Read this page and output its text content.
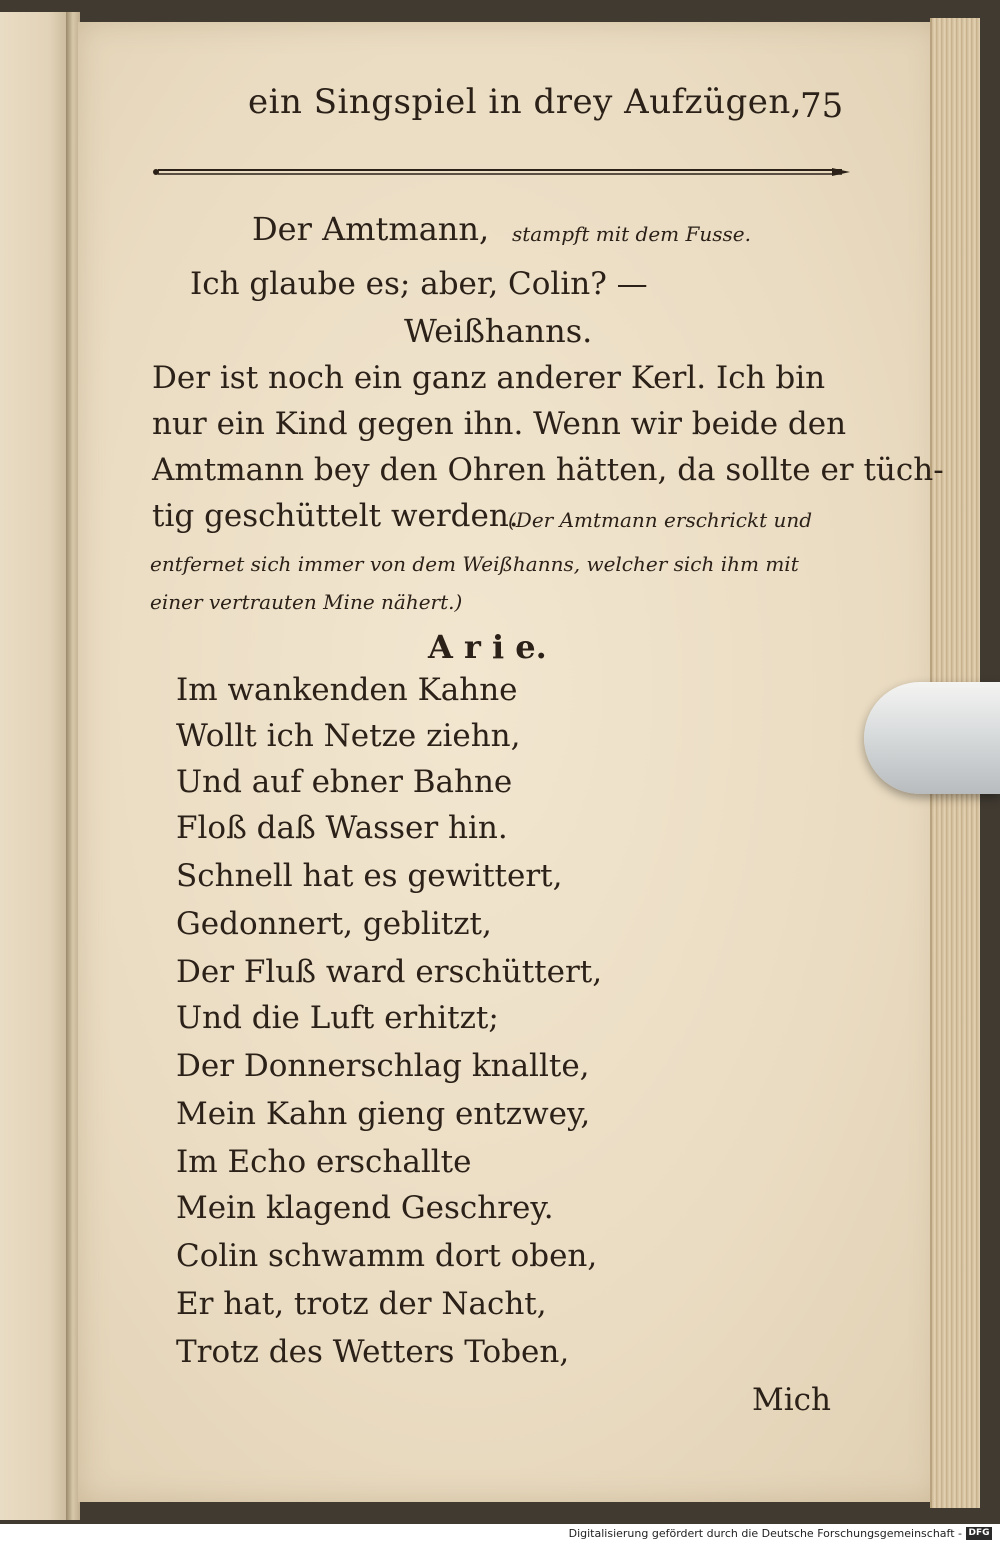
ein Singspiel in drey Aufzügen,
75
Der Amtmann, stampft mit dem Fusse.
Ich glaube es; aber, Colin? —
Weißhanns.
Der ist noch ein ganz anderer Kerl. Ich bin
nur ein Kind gegen ihn. Wenn wir beide den
Amtmann bey den Ohren hätten, da sollte er tüch-
tig geschüttelt werden.
(Der Amtmann erschrickt und
entfernet sich immer von dem Weißhanns, welcher sich ihm mit
einer vertrauten Mine nähert.)
A r i e.
Im wankenden Kahne
Wollt ich Netze ziehn,
Und auf ebner Bahne
Floß daß Wasser hin.
Schnell hat es gewittert,
Gedonnert, geblitzt,
Der Fluß ward erschüttert,
Und die Luft erhitzt;
Der Donnerschlag knallte,
Mein Kahn gieng entzwey,
Im Echo erschallte
Mein klagend Geschrey.
Colin schwamm dort oben,
Er hat, trotz der Nacht,
Trotz des Wetters Toben,
Mich
Digitalisierung gefördert durch die Deutsche Forschungsgemeinschaft - DFG
